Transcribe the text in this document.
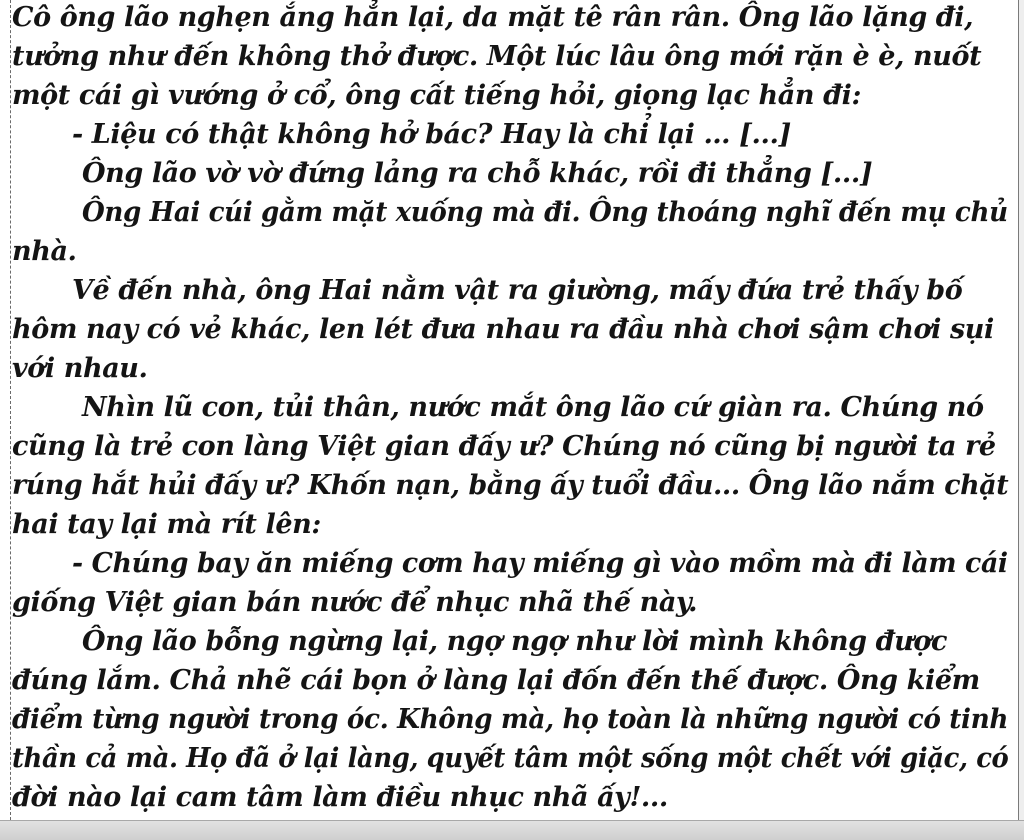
Cô ông lão nghẹn ắng hẳn lại, da mặt tê rân rân. Ông lão lặng đi,
tưởng như đến không thở được. Một lúc lâu ông mới rặn è è, nuốt
một cái gì vướng ở cổ, ông cất tiếng hỏi, giọng lạc hẳn đi:
- Liệu có thật không hở bác? Hay là chỉ lại … [...]
Ông lão vờ vờ đứng lảng ra chỗ khác, rồi đi thẳng [...]
Ông Hai cúi gằm mặt xuống mà đi. Ông thoáng nghĩ đến mụ chủ
nhà.
Về đến nhà, ông Hai nằm vật ra giường, mấy đứa trẻ thấy bố
hôm nay có vẻ khác, len lét đưa nhau ra đầu nhà chơi sậm chơi sụi
với nhau.
Nhìn lũ con, tủi thân, nước mắt ông lão cứ giàn ra. Chúng nó
cũng là trẻ con làng Việt gian đấy ư? Chúng nó cũng bị người ta rẻ
rúng hắt hủi đấy ư? Khốn nạn, bằng ấy tuổi đầu... Ông lão nắm chặt
hai tay lại mà rít lên:
- Chúng bay ăn miếng cơm hay miếng gì vào mồm mà đi làm cái
giống Việt gian bán nước để nhục nhã thế này.
Ông lão bỗng ngừng lại, ngợ ngợ như lời mình không được
đúng lắm. Chả nhẽ cái bọn ở làng lại đốn đến thế được. Ông kiểm
điểm từng người trong óc. Không mà, họ toàn là những người có tinh
thần cả mà. Họ đã ở lại làng, quyết tâm một sống một chết với giặc, có
đời nào lại cam tâm làm điều nhục nhã ấy!...
